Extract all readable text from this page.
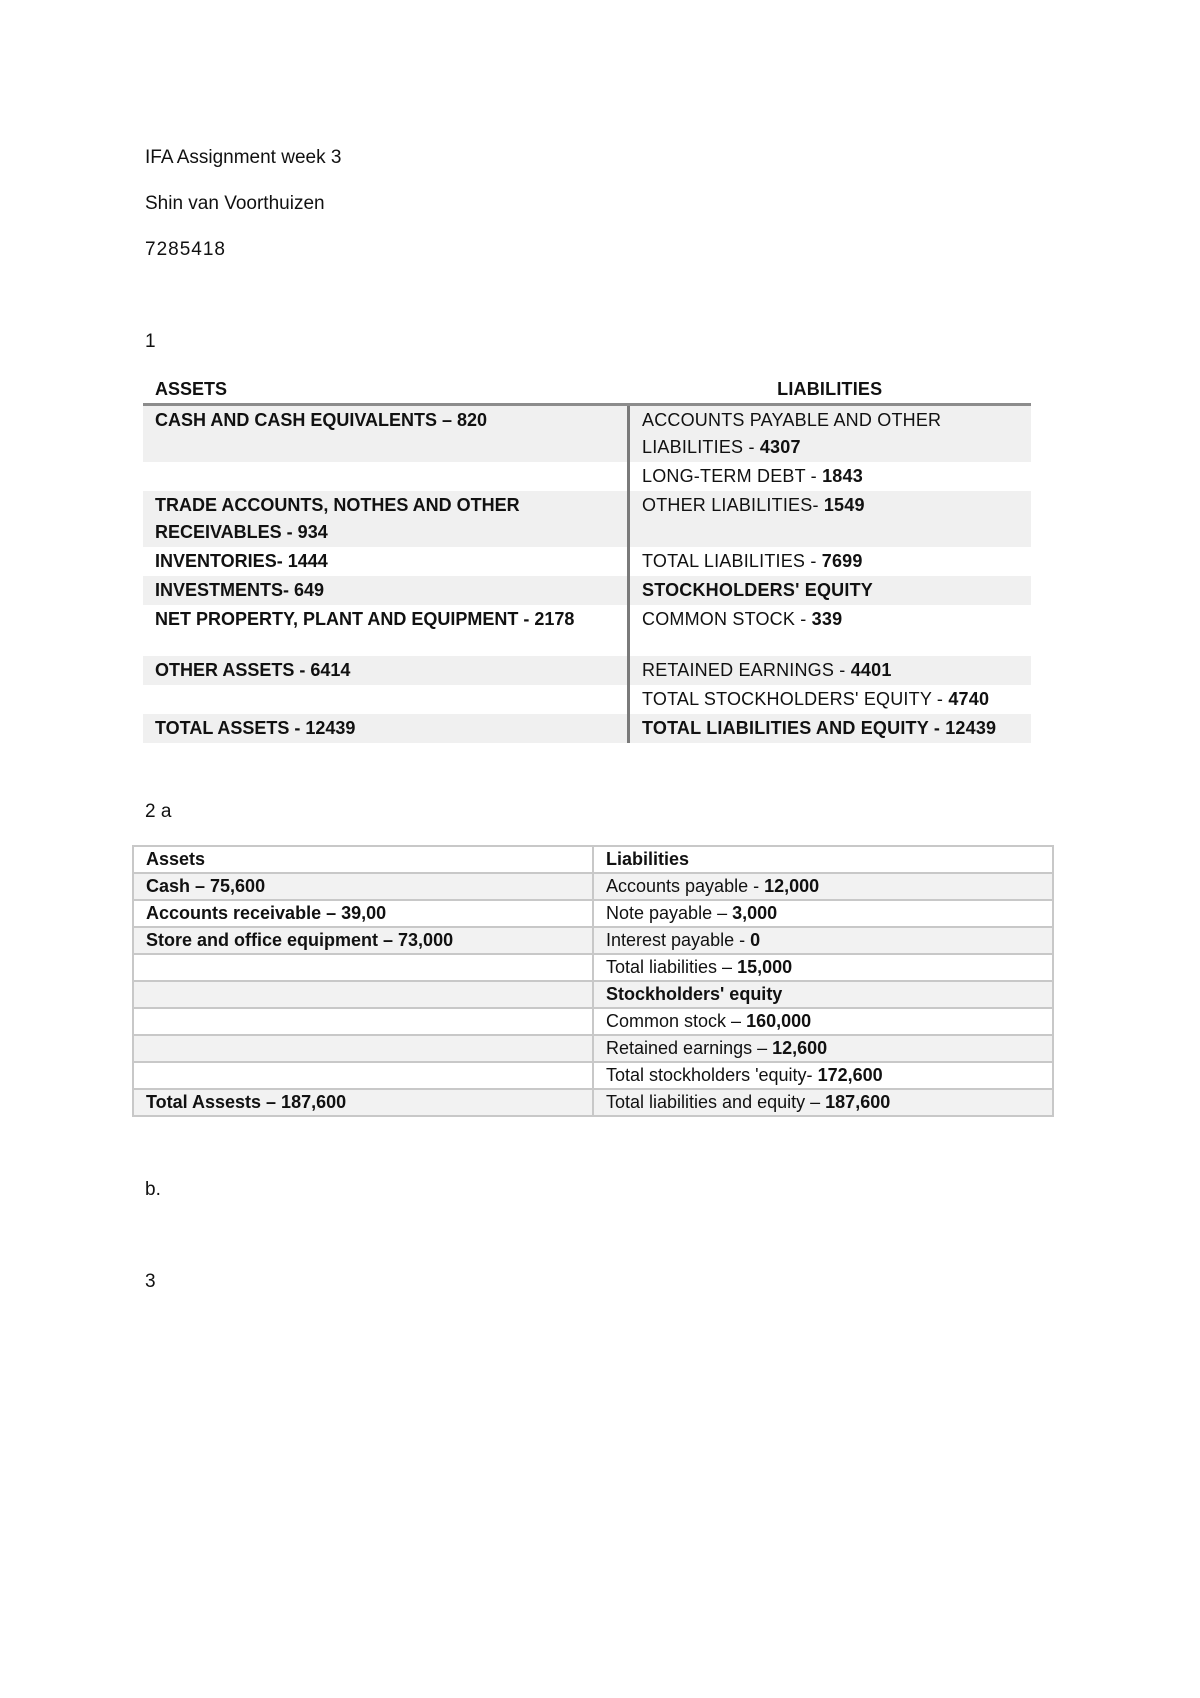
IFA Assignment week 3

Shin van Voorthuizen

7285418

1

ASSETS	LIABILITIES
CASH AND CASH EQUIVALENTS – 820	ACCOUNTS PAYABLE AND OTHER LIABILITIES - 4307
	LONG-TERM DEBT - 1843
TRADE ACCOUNTS, NOTHES AND OTHER RECEIVABLES - 934	OTHER LIABILITIES- 1549
INVENTORIES- 1444	TOTAL LIABILITIES - 7699
INVESTMENTS- 649	STOCKHOLDERS' EQUITY
NET PROPERTY, PLANT AND EQUIPMENT - 2178	COMMON STOCK - 339

OTHER ASSETS - 6414	RETAINED EARNINGS - 4401
	TOTAL STOCKHOLDERS' EQUITY - 4740
TOTAL ASSETS - 12439	TOTAL LIABILITIES AND EQUITY - 12439

2 a

Assets	Liabilities
Cash – 75,600	Accounts payable - 12,000
Accounts receivable – 39,00	Note payable – 3,000
Store and office equipment – 73,000	Interest payable - 0
	Total liabilities – 15,000
	Stockholders' equity
	Common stock – 160,000
	Retained earnings – 12,600
	Total stockholders 'equity- 172,600
Total Assests – 187,600	Total liabilities and equity – 187,600

b.

3
